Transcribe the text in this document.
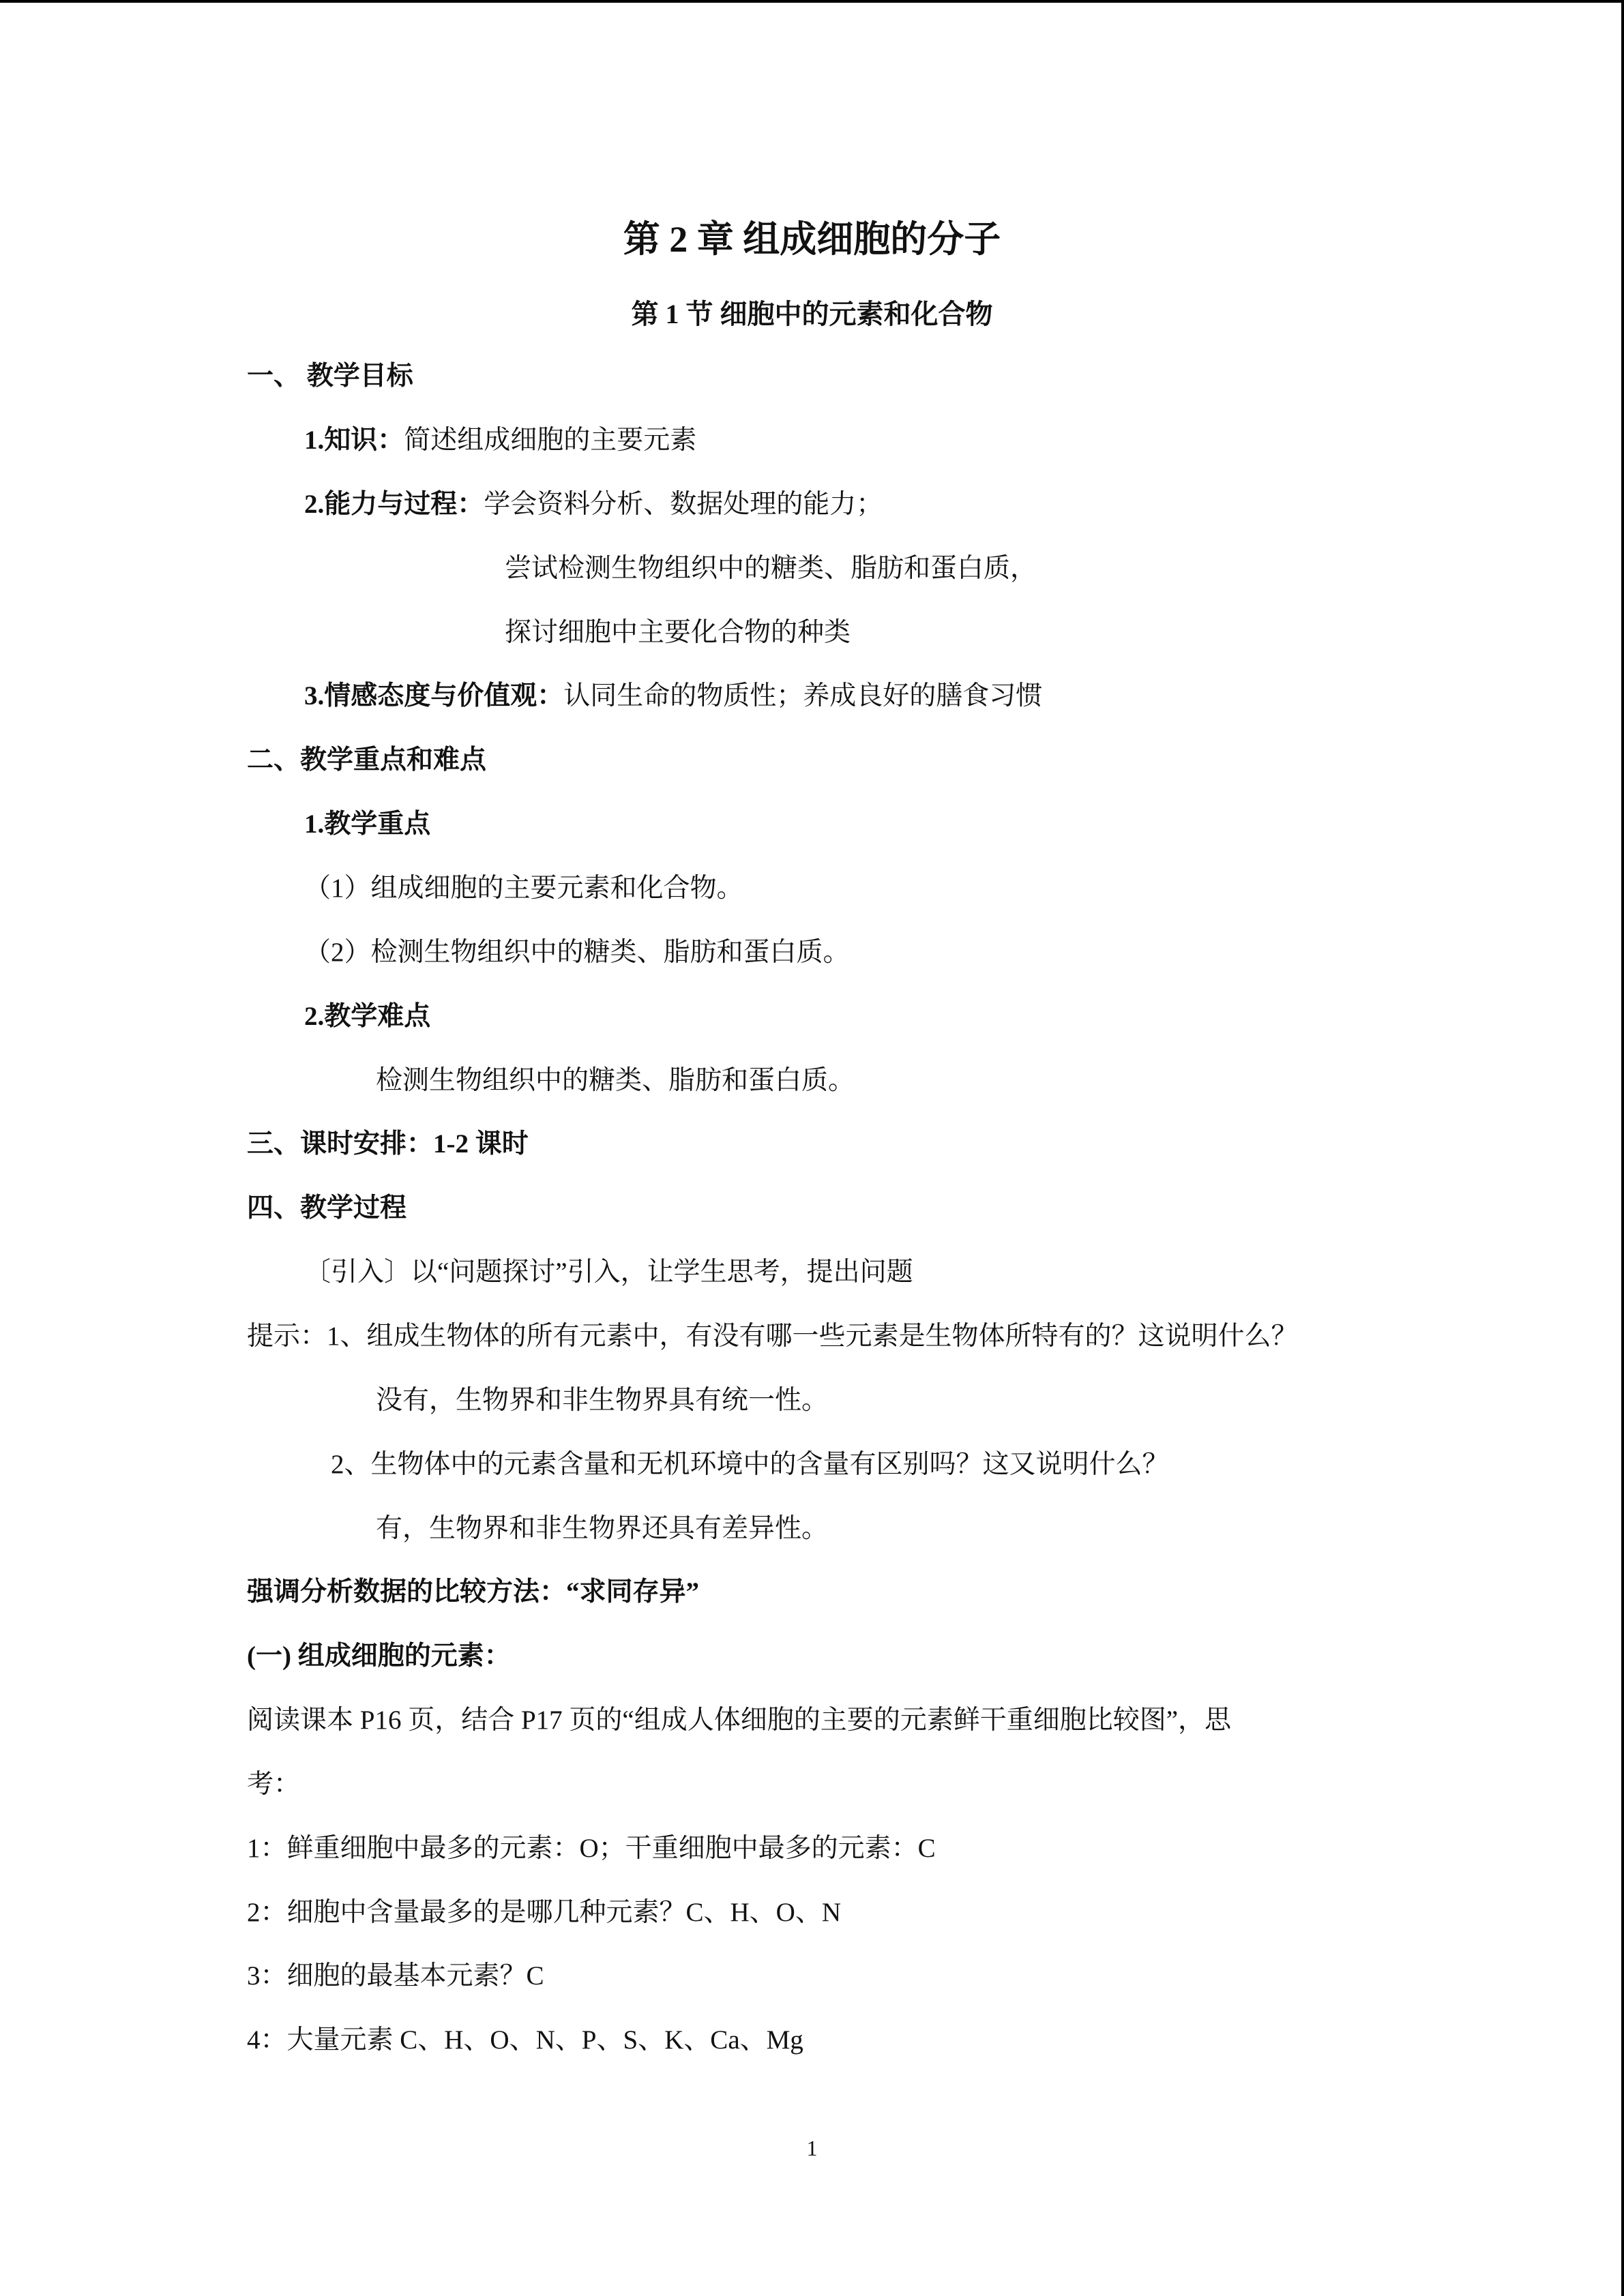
第 2 章 组成细胞的分子
第 1 节 细胞中的元素和化合物
一、 教学目标
1.知识：简述组成细胞的主要元素
2.能力与过程：学会资料分析、数据处理的能力；
尝试检测生物组织中的糖类、脂肪和蛋白质，
探讨细胞中主要化合物的种类
3.情感态度与价值观：认同生命的物质性；养成良好的膳食习惯
二、教学重点和难点
1.教学重点
（1）组成细胞的主要元素和化合物。
（2）检测生物组织中的糖类、脂肪和蛋白质。
2.教学难点
检测生物组织中的糖类、脂肪和蛋白质。
三、课时安排：1-2 课时
四、教学过程
〔引入〕以“问题探讨”引入，让学生思考，提出问题
提示：1、组成生物体的所有元素中，有没有哪一些元素是生物体所特有的？这说明什么？
没有，生物界和非生物界具有统一性。
2、生物体中的元素含量和无机环境中的含量有区别吗？这又说明什么？
有，生物界和非生物界还具有差异性。
强调分析数据的比较方法：“求同存异”
(一) 组成细胞的元素：
阅读课本 P16 页，结合 P17 页的“组成人体细胞的主要的元素鲜干重细胞比较图”，思
考：
1：鲜重细胞中最多的元素：O；干重细胞中最多的元素：C
2：细胞中含量最多的是哪几种元素？C、H、O、N
3：细胞的最基本元素？C
4：大量元素 C、H、O、N、P、S、K、Ca、Mg
1
